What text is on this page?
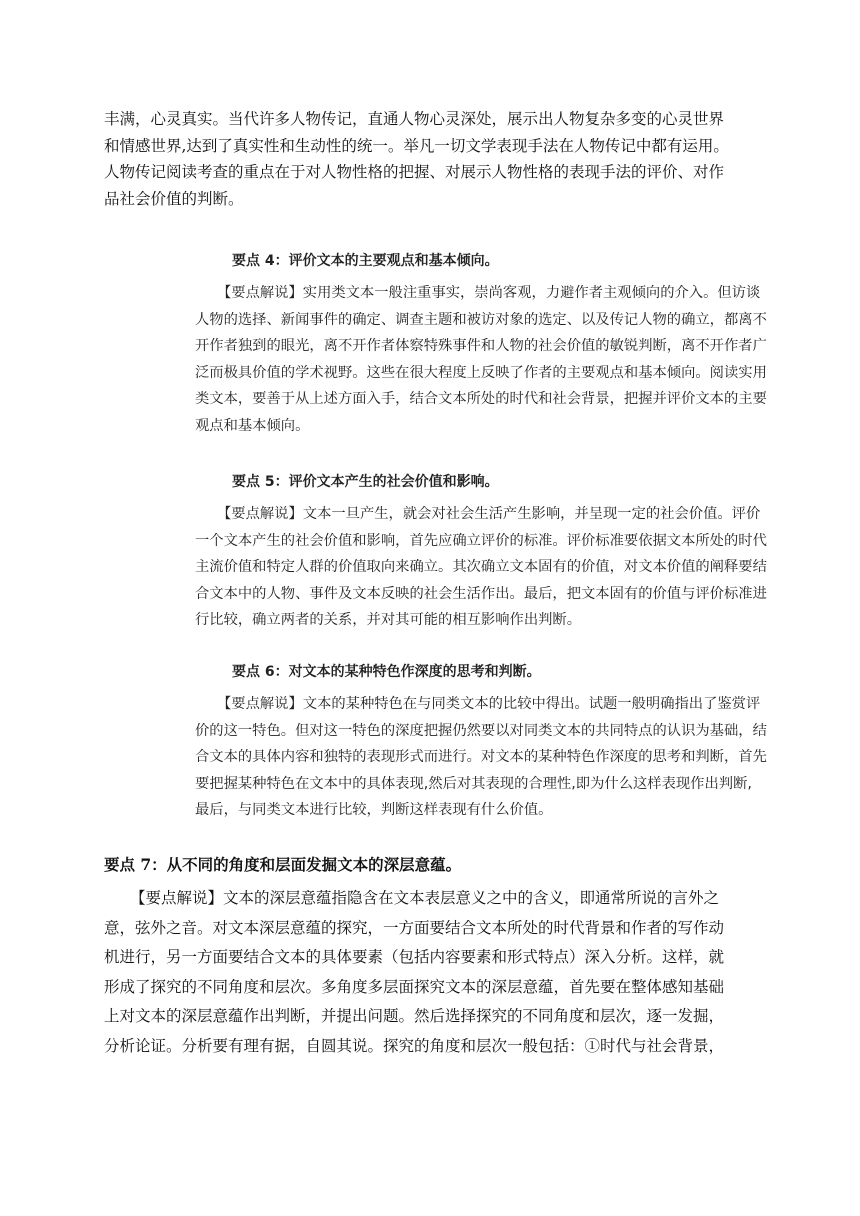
丰满，心灵真实。当代许多人物传记，直通人物心灵深处，展示出人物复杂多变的心灵世界

和情感世界,达到了真实性和生动性的统一。举凡一切文学表现手法在人物传记中都有运用。

人物传记阅读考查的重点在于对人物性格的把握、对展示人物性格的表现手法的评价、对作

品社会价值的判断。

要点 4：评价文本的主要观点和基本倾向。

【要点解说】实用类文本一般注重事实，崇尚客观，力避作者主观倾向的介入。但访谈

人物的选择、新闻事件的确定、调查主题和被访对象的选定、以及传记人物的确立，都离不

开作者独到的眼光，离不开作者体察特殊事件和人物的社会价值的敏锐判断，离不开作者广

泛而极具价值的学术视野。这些在很大程度上反映了作者的主要观点和基本倾向。阅读实用

类文本，要善于从上述方面入手，结合文本所处的时代和社会背景，把握并评价文本的主要

观点和基本倾向。

要点 5：评价文本产生的社会价值和影响。

【要点解说】文本一旦产生，就会对社会生活产生影响，并呈现一定的社会价值。评价

一个文本产生的社会价值和影响，首先应确立评价的标准。评价标准要依据文本所处的时代

主流价值和特定人群的价值取向来确立。其次确立文本固有的价值，对文本价值的阐释要结

合文本中的人物、事件及文本反映的社会生活作出。最后，把文本固有的价值与评价标准进

行比较，确立两者的关系，并对其可能的相互影响作出判断。

要点 6：对文本的某种特色作深度的思考和判断。

【要点解说】文本的某种特色在与同类文本的比较中得出。试题一般明确指出了鉴赏评

价的这一特色。但对这一特色的深度把握仍然要以对同类文本的共同特点的认识为基础，结

合文本的具体内容和独特的表现形式而进行。对文本的某种特色作深度的思考和判断，首先

要把握某种特色在文本中的具体表现,然后对其表现的合理性,即为什么这样表现作出判断,

最后，与同类文本进行比较，判断这样表现有什么价值。

要点 7：从不同的角度和层面发掘文本的深层意蕴。

【要点解说】文本的深层意蕴指隐含在文本表层意义之中的含义，即通常所说的言外之

意，弦外之音。对文本深层意蕴的探究，一方面要结合文本所处的时代背景和作者的写作动

机进行，另一方面要结合文本的具体要素（包括内容要素和形式特点）深入分析。这样，就

形成了探究的不同角度和层次。多角度多层面探究文本的深层意蕴，首先要在整体感知基础

上对文本的深层意蕴作出判断，并提出问题。然后选择探究的不同角度和层次，逐一发掘，

分析论证。分析要有理有据，自圆其说。探究的角度和层次一般包括：①时代与社会背景，
